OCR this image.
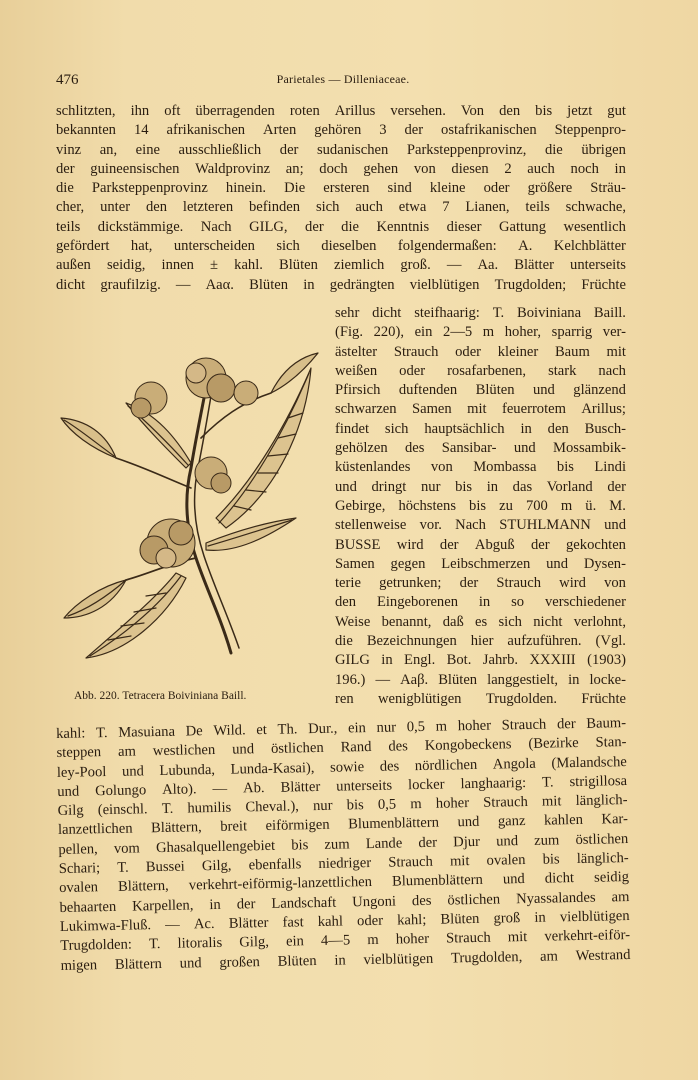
476	Parietales — Dilleniaceae.
schlitzten, ihn oft überragenden roten Arillus versehen. Von den bis jetzt gut
bekannten 14 afrikanischen Arten gehören 3 der ostafrikanischen Steppenpro-
vinz an, eine ausschließlich der sudanischen Parksteppenprovinz, die übrigen
der guineensischen Waldprovinz an; doch gehen von diesen 2 auch noch in
die Parksteppenprovinz hinein. Die ersteren sind kleine oder größere Sträu-
cher, unter den letzteren befinden sich auch etwa 7 Lianen, teils schwache,
teils dickstämmige. Nach GILG, der die Kenntnis dieser Gattung wesentlich
gefördert hat, unterscheiden sich dieselben folgendermaßen: A. Kelchblätter
außen seidig, innen ± kahl. Blüten ziemlich groß. — Aa. Blätter unterseits
dicht graufilzig. — Aaα. Blüten in gedrängten vielblütigen Trugdolden; Früchte
Abb. 220. Tetracera Boiviniana Baill.
sehr dicht steifhaarig: T. Boiviniana Baill.
(Fig. 220), ein 2—5 m hoher, sparrig ver-
ästelter Strauch oder kleiner Baum mit
weißen oder rosafarbenen, stark nach
Pfirsich duftenden Blüten und glänzend
schwarzen Samen mit feuerrotem Arillus;
findet sich hauptsächlich in den Busch-
gehölzen des Sansibar- und Mossambik-
küstenlandes von Mombassa bis Lindi
und dringt nur bis in das Vorland der
Gebirge, höchstens bis zu 700 m ü. M.
stellenweise vor. Nach STUHLMANN und
BUSSE wird der Abguß der gekochten
Samen gegen Leibschmerzen und Dysen-
terie getrunken; der Strauch wird von
den Eingeborenen in so verschiedener
Weise benannt, daß es sich nicht verlohnt,
die Bezeichnungen hier aufzuführen. (Vgl.
GILG in Engl. Bot. Jahrb. XXXIII (1903)
196.) — Aaβ. Blüten langgestielt, in locke-
ren wenigblütigen Trugdolden. Früchte
kahl: T. Masuiana De Wild. et Th. Dur., ein nur 0,5 m hoher Strauch der Baum-
steppen am westlichen und östlichen Rand des Kongobeckens (Bezirke Stan-
ley-Pool und Lubunda, Lunda-Kasai), sowie des nördlichen Angola (Malandsche
und Golungo Alto). — Ab. Blätter unterseits locker langhaarig: T. strigillosa
Gilg (einschl. T. humilis Cheval.), nur bis 0,5 m hoher Strauch mit länglich-
lanzettlichen Blättern, breit eiförmigen Blumenblättern und ganz kahlen Kar-
pellen, vom Ghasalquellengebiet bis zum Lande der Djur und zum östlichen
Schari; T. Bussei Gilg, ebenfalls niedriger Strauch mit ovalen bis länglich-
ovalen Blättern, verkehrt-eiförmig-lanzettlichen Blumenblättern und dicht seidig
behaarten Karpellen, in der Landschaft Ungoni des östlichen Nyassalandes am
Lukimwa-Fluß. — Ac. Blätter fast kahl oder kahl; Blüten groß in vielblütigen
Trugdolden: T. litoralis Gilg, ein 4—5 m hoher Strauch mit verkehrt-eiför-
migen Blättern und großen Blüten in vielblütigen Trugdolden, am Westrand
